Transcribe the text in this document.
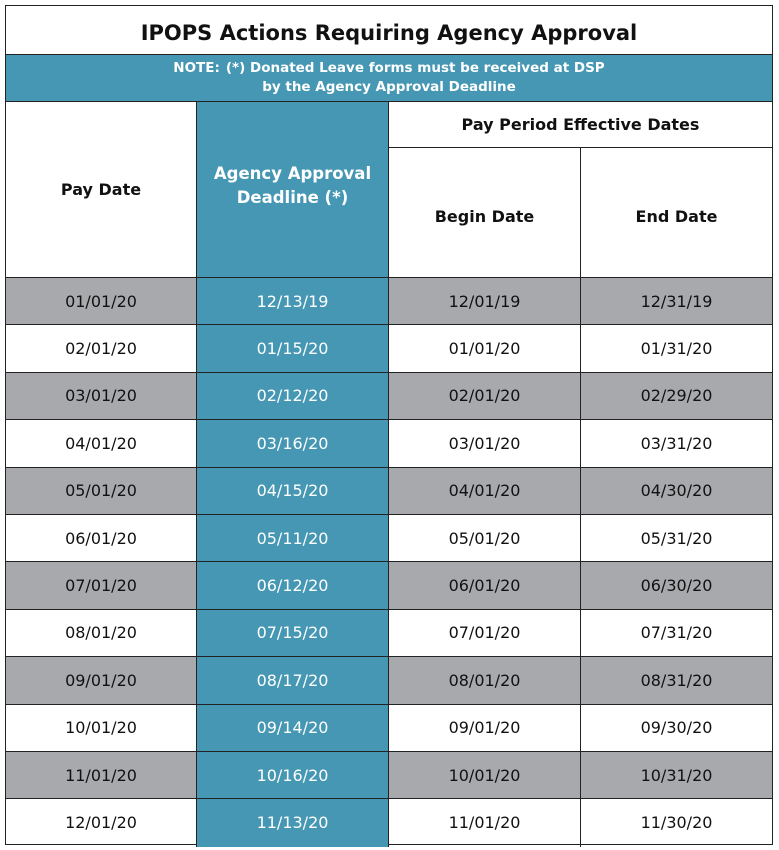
IPOPS Actions Requiring Agency Approval
NOTE: (*) Donated Leave forms must be received at DSP
by the Agency Approval Deadline
Pay Date
Agency Approval
Deadline (*)
Pay Period Effective Dates
Begin Date	End Date
01/01/20	12/13/19	12/01/19	12/31/19
02/01/20	01/15/20	01/01/20	01/31/20
03/01/20	02/12/20	02/01/20	02/29/20
04/01/20	03/16/20	03/01/20	03/31/20
05/01/20	04/15/20	04/01/20	04/30/20
06/01/20	05/11/20	05/01/20	05/31/20
07/01/20	06/12/20	06/01/20	06/30/20
08/01/20	07/15/20	07/01/20	07/31/20
09/01/20	08/17/20	08/01/20	08/31/20
10/01/20	09/14/20	09/01/20	09/30/20
11/01/20	10/16/20	10/01/20	10/31/20
12/01/20	11/13/20	11/01/20	11/30/20
